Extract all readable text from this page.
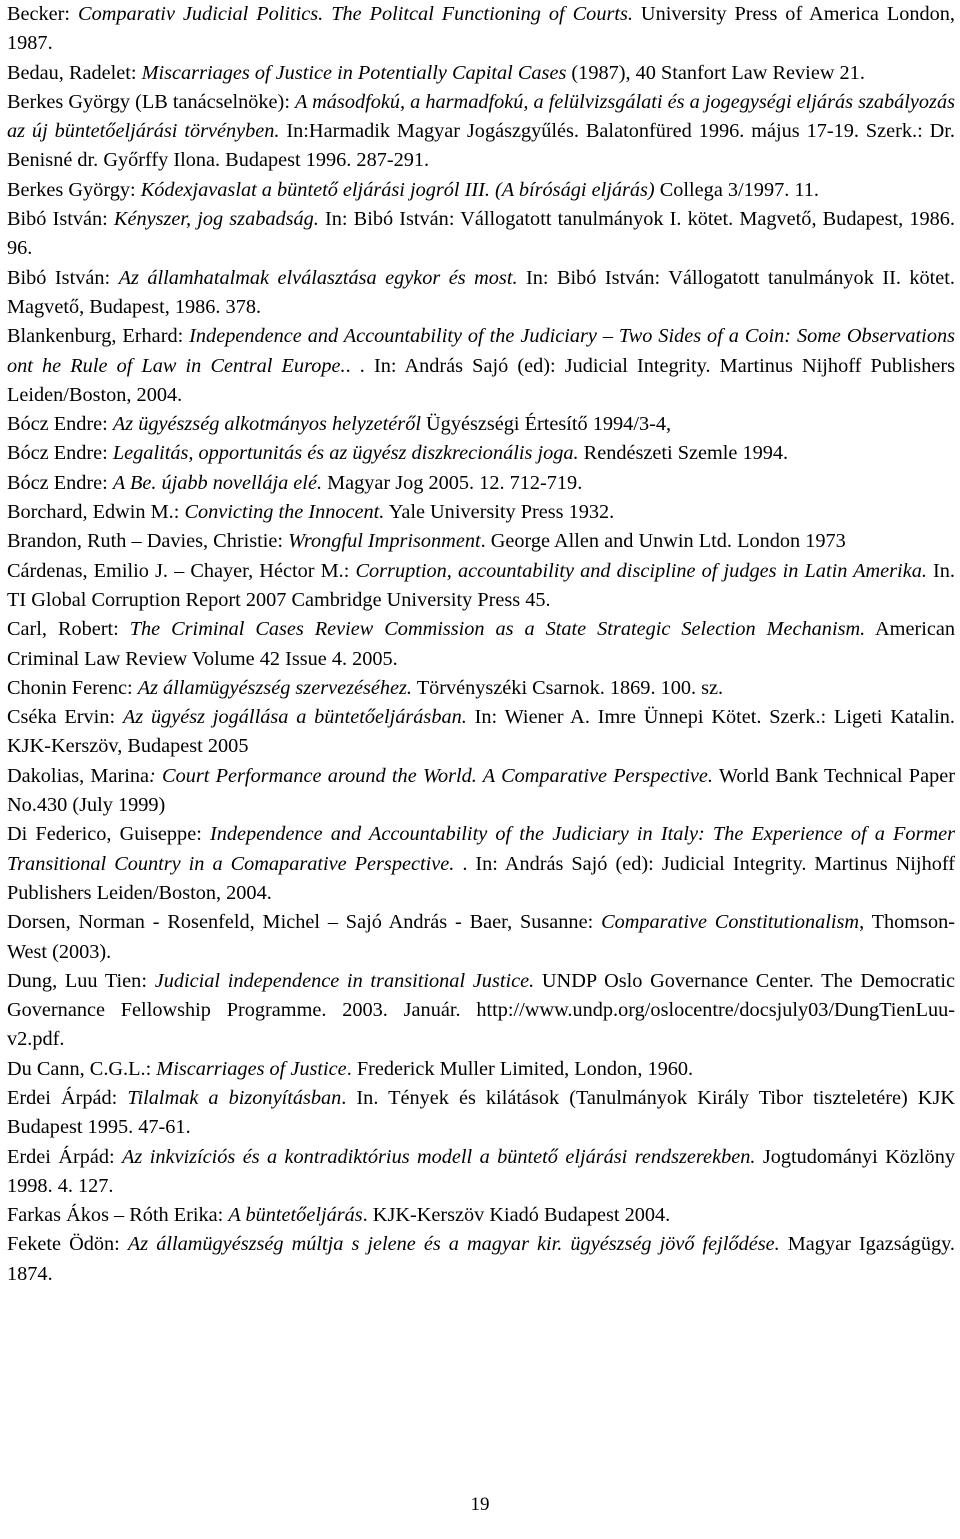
Becker: Comparativ Judicial Politics. The Politcal Functioning of Courts. University Press of America London, 1987.

Bedau, Radelet: Miscarriages of Justice in Potentially Capital Cases (1987), 40 Stanfort Law Review 21.

Berkes György (LB tanácselnöke): A másodfokú, a harmadfokú, a felülvizsgálati és a jogegységi eljárás szabályozás az új büntetőeljárási törvényben. In:Harmadik Magyar Jogászgyűlés. Balatonfüred 1996. május 17-19. Szerk.: Dr. Benisné dr. Győrffy Ilona. Budapest 1996. 287-291.

Berkes György: Kódexjavaslat a büntető eljárási jogról III. (A bírósági eljárás) Collega 3/1997. 11.

Bibó István: Kényszer, jog szabadság. In: Bibó István: Vállogatott tanulmányok I. kötet. Magvető, Budapest, 1986. 96.

Bibó István: Az államhatalmak elválasztása egykor és most. In: Bibó István: Vállogatott tanulmányok II. kötet. Magvető, Budapest, 1986. 378.

Blankenburg, Erhard: Independence and Accountability of the Judiciary – Two Sides of a Coin: Some Observations ont he Rule of Law in Central Europe.. . In: András Sajó (ed): Judicial Integrity. Martinus Nijhoff Publishers Leiden/Boston, 2004.

Bócz Endre: Az ügyészség alkotmányos helyzetéről Ügyészségi Értesítő 1994/3-4,

Bócz Endre: Legalitás, opportunitás és az ügyész diszkrecionális joga. Rendészeti Szemle 1994.

Bócz Endre: A Be. újabb novellája elé. Magyar Jog 2005. 12. 712-719.

Borchard, Edwin M.: Convicting the Innocent. Yale University Press 1932.

Brandon, Ruth – Davies, Christie: Wrongful Imprisonment. George Allen and Unwin Ltd. London 1973

Cárdenas, Emilio J. – Chayer, Héctor M.: Corruption, accountability and discipline of judges in Latin Amerika. In. TI Global Corruption Report 2007 Cambridge University Press 45.

Carl, Robert: The Criminal Cases Review Commission as a State Strategic Selection Mechanism. American Criminal Law Review Volume 42 Issue 4. 2005.

Chonin Ferenc: Az államügyészség szervezéséhez. Törvényszéki Csarnok. 1869. 100. sz.

Cséka Ervin: Az ügyész jogállása a büntetőeljárásban. In: Wiener A. Imre Ünnepi Kötet. Szerk.: Ligeti Katalin. KJK-Kerszöv, Budapest 2005

Dakolias, Marina: Court Performance around the World. A Comparative Perspective. World Bank Technical Paper No.430 (July 1999)

Di Federico, Guiseppe: Independence and Accountability of the Judiciary in Italy: The Experience of a Former Transitional Country in a Comaparative Perspective. . In: András Sajó (ed): Judicial Integrity. Martinus Nijhoff Publishers Leiden/Boston, 2004.

Dorsen, Norman - Rosenfeld, Michel – Sajó András - Baer, Susanne: Comparative Constitutionalism, Thomson-West (2003).

Dung, Luu Tien: Judicial independence in transitional Justice. UNDP Oslo Governance Center. The Democratic Governance Fellowship Programme. 2003. Január. http://www.undp.org/oslocentre/docsjuly03/DungTienLuu-v2.pdf.

Du Cann, C.G.L.: Miscarriages of Justice. Frederick Muller Limited, London, 1960.

Erdei Árpád: Tilalmak a bizonyításban. In. Tények és kilátások (Tanulmányok Király Tibor tiszteletére) KJK Budapest 1995. 47-61.

Erdei Árpád: Az inkvizíciós és a kontradiktórius modell a büntető eljárási rendszerekben. Jogtudományi Közlöny 1998. 4. 127.

Farkas Ákos – Róth Erika: A büntetőeljárás. KJK-Kerszöv Kiadó Budapest 2004.

Fekete Ödön: Az államügyészség múltja s jelene és a magyar kir. ügyészség jövő fejlődése. Magyar Igazságügy. 1874.

19
